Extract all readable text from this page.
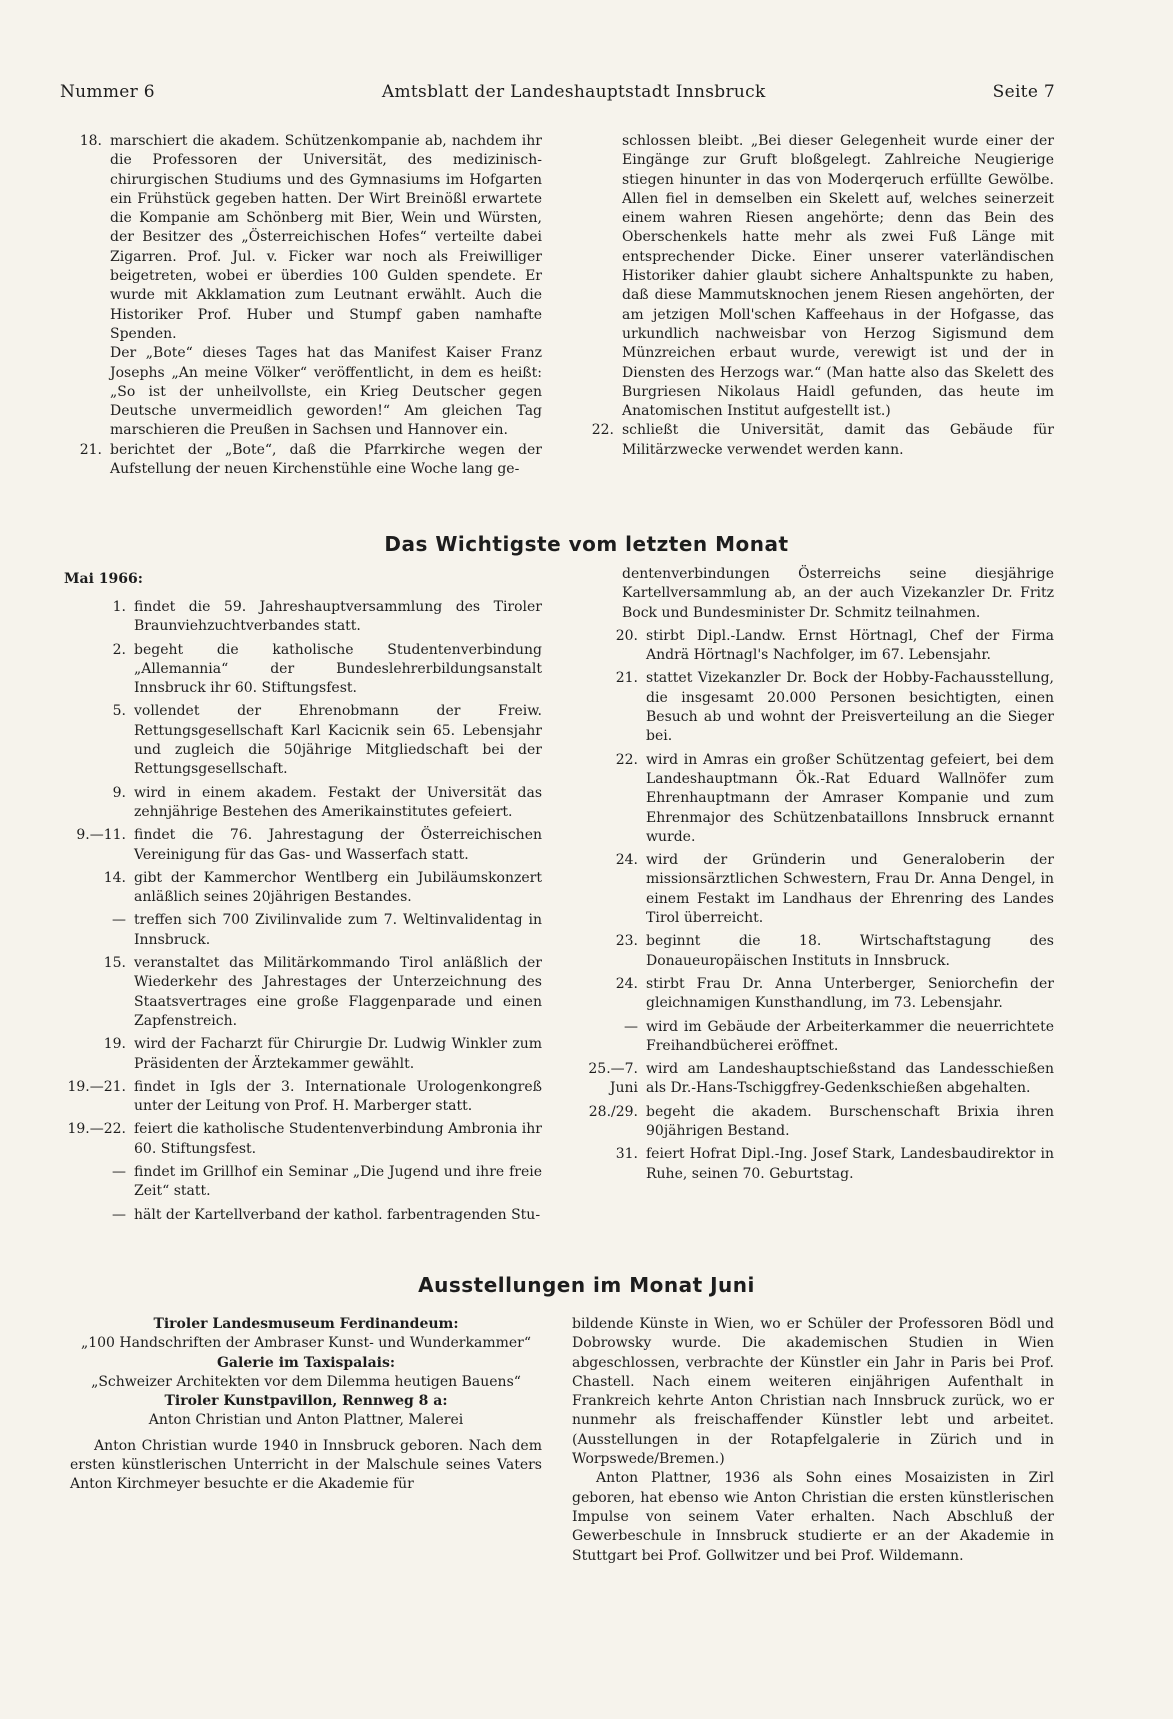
Nummer 6	Amtsblatt der Landeshauptstadt Innsbruck	Seite 7
18. marschiert die akadem. Schützenkompanie ab, nachdem ihr die Professoren der Universität, des medizinisch-chirurgischen Studiums und des Gymnasiums im Hofgarten ein Frühstück gegeben hatten. Der Wirt Breinößl erwartete die Kompanie am Schönberg mit Bier, Wein und Würsten, der Besitzer des „Österreichischen Hofes“ verteilte dabei Zigarren. Prof. Jul. v. Ficker war noch als Freiwilliger beigetreten, wobei er überdies 100 Gulden spendete. Er wurde mit Akklamation zum Leutnant erwählt. Auch die Historiker Prof. Huber und Stumpf gaben namhafte Spenden.

Der „Bote“ dieses Tages hat das Manifest Kaiser Franz Josephs „An meine Völker“ veröffentlicht, in dem es heißt: „So ist der unheilvollste, ein Krieg Deutscher gegen Deutsche unvermeidlich geworden!“ Am gleichen Tag marschieren die Preußen in Sachsen und Hannover ein.

21. berichtet der „Bote“, daß die Pfarrkirche wegen der Aufstellung der neuen Kirchenstühle eine Woche lang ge-

schlossen bleibt. „Bei dieser Gelegenheit wurde einer der Eingänge zur Gruft bloßgelegt. Zahlreiche Neugierige stiegen hinunter in das von Moderqeruch erfüllte Gewölbe. Allen fiel in demselben ein Skelett auf, welches seinerzeit einem wahren Riesen angehörte; denn das Bein des Oberschenkels hatte mehr als zwei Fuß Länge mit entsprechender Dicke. Einer unserer vaterländischen Historiker dahier glaubt sichere Anhaltspunkte zu haben, daß diese Mammutsknochen jenem Riesen angehörten, der am jetzigen Moll'schen Kaffeehaus in der Hofgasse, das urkundlich nachweisbar von Herzog Sigismund dem Münzreichen erbaut wurde, verewigt ist und der in Diensten des Herzogs war.“ (Man hatte also das Skelett des Burgriesen Nikolaus Haidl gefunden, das heute im Anatomischen Institut aufgestellt ist.)

22. schließt die Universität, damit das Gebäude für Militärzwecke verwendet werden kann.
Das Wichtigste vom letzten Monat
Mai 1966:
1. findet die 59. Jahreshauptversammlung des Tiroler Braunviehzuchtverbandes statt.
2. begeht die katholische Studentenverbindung „Allemannia“ der Bundeslehrerbildungsanstalt Innsbruck ihr 60. Stiftungsfest.
5. vollendet der Ehrenobmann der Freiw. Rettungsgesellschaft Karl Kacicnik sein 65. Lebensjahr und zugleich die 50jährige Mitgliedschaft bei der Rettungsgesellschaft.
9. wird in einem akadem. Festakt der Universität das zehnjährige Bestehen des Amerikainstitutes gefeiert.
9.—11. findet die 76. Jahrestagung der Österreichischen Vereinigung für das Gas- und Wasserfach statt.
14. gibt der Kammerchor Wentlberg ein Jubiläumskonzert anläßlich seines 20jährigen Bestandes.
— treffen sich 700 Zivilinvalide zum 7. Weltinvalidentag in Innsbruck.
15. veranstaltet das Militärkommando Tirol anläßlich der Wiederkehr des Jahrestages der Unterzeichnung des Staatsvertrages eine große Flaggenparade und einen Zapfenstreich.
19. wird der Facharzt für Chirurgie Dr. Ludwig Winkler zum Präsidenten der Ärztekammer gewählt.
19.—21. findet in Igls der 3. Internationale Urologenkongreß unter der Leitung von Prof. H. Marberger statt.
19.—22. feiert die katholische Studentenverbindung Ambronia ihr 60. Stiftungsfest.
— findet im Grillhof ein Seminar „Die Jugend und ihre freie Zeit“ statt.
— hält der Kartellverband der kathol. farbentragenden Stu-

dentenverbindungen Österreichs seine diesjährige Kartellversammlung ab, an der auch Vizekanzler Dr. Fritz Bock und Bundesminister Dr. Schmitz teilnahmen.

20. stirbt Dipl.-Landw. Ernst Hörtnagl, Chef der Firma Andrä Hörtnagl's Nachfolger, im 67. Lebensjahr.
21. stattet Vizekanzler Dr. Bock der Hobby-Fachausstellung, die insgesamt 20.000 Personen besichtigten, einen Besuch ab und wohnt der Preisverteilung an die Sieger bei.
22. wird in Amras ein großer Schützentag gefeiert, bei dem Landeshauptmann Ök.-Rat Eduard Wallnöfer zum Ehrenhauptmann der Amraser Kompanie und zum Ehrenmajor des Schützenbataillons Innsbruck ernannt wurde.
24. wird der Gründerin und Generaloberin der missionsärztlichen Schwestern, Frau Dr. Anna Dengel, in einem Festakt im Landhaus der Ehrenring des Landes Tirol überreicht.
23. beginnt die 18. Wirtschaftstagung des Donaueuropäischen Instituts in Innsbruck.
24. stirbt Frau Dr. Anna Unterberger, Seniorchefin der gleichnamigen Kunsthandlung, im 73. Lebensjahr.
— wird im Gebäude der Arbeiterkammer die neuerrichtete Freihandbücherei eröffnet.
25.—7. Juni
wird am Landeshauptschießstand das Landesschießen als Dr.-Hans-Tschiggfrey-Gedenkschießen abgehalten.
28./29. begeht die akadem. Burschenschaft Brixia ihren 90jährigen Bestand.
31. feiert Hofrat Dipl.-Ing. Josef Stark, Landesbaudirektor in Ruhe, seinen 70. Geburtstag.
Ausstellungen im Monat Juni

Tiroler Landesmuseum Ferdinandeum:

„100 Handschriften der Ambraser Kunst- und Wunderkammer“

Galerie im Taxispalais:

„Schweizer Architekten vor dem Dilemma heutigen Bauens“

Tiroler Kunstpavillon, Rennweg 8 a:

Anton Christian und Anton Plattner, Malerei

Anton Christian wurde 1940 in Innsbruck geboren. Nach dem ersten künstlerischen Unterricht in der Malschule seines Vaters Anton Kirchmeyer besuchte er die Akademie für

bildende Künste in Wien, wo er Schüler der Professoren Bödl und Dobrowsky wurde. Die akademischen Studien in Wien abgeschlossen, verbrachte der Künstler ein Jahr in Paris bei Prof. Chastell. Nach einem weiteren einjährigen Aufenthalt in Frankreich kehrte Anton Christian nach Innsbruck zurück, wo er nunmehr als freischaffender Künstler lebt und arbeitet. (Ausstellungen in der Rotapfelgalerie in Zürich und in Worpswede/Bremen.)

Anton Plattner, 1936 als Sohn eines Mosaizisten in Zirl geboren, hat ebenso wie Anton Christian die ersten künstlerischen Impulse von seinem Vater erhalten. Nach Abschluß der Gewerbeschule in Innsbruck studierte er an der Akademie in Stuttgart bei Prof. Gollwitzer und bei Prof. Wildemann.
